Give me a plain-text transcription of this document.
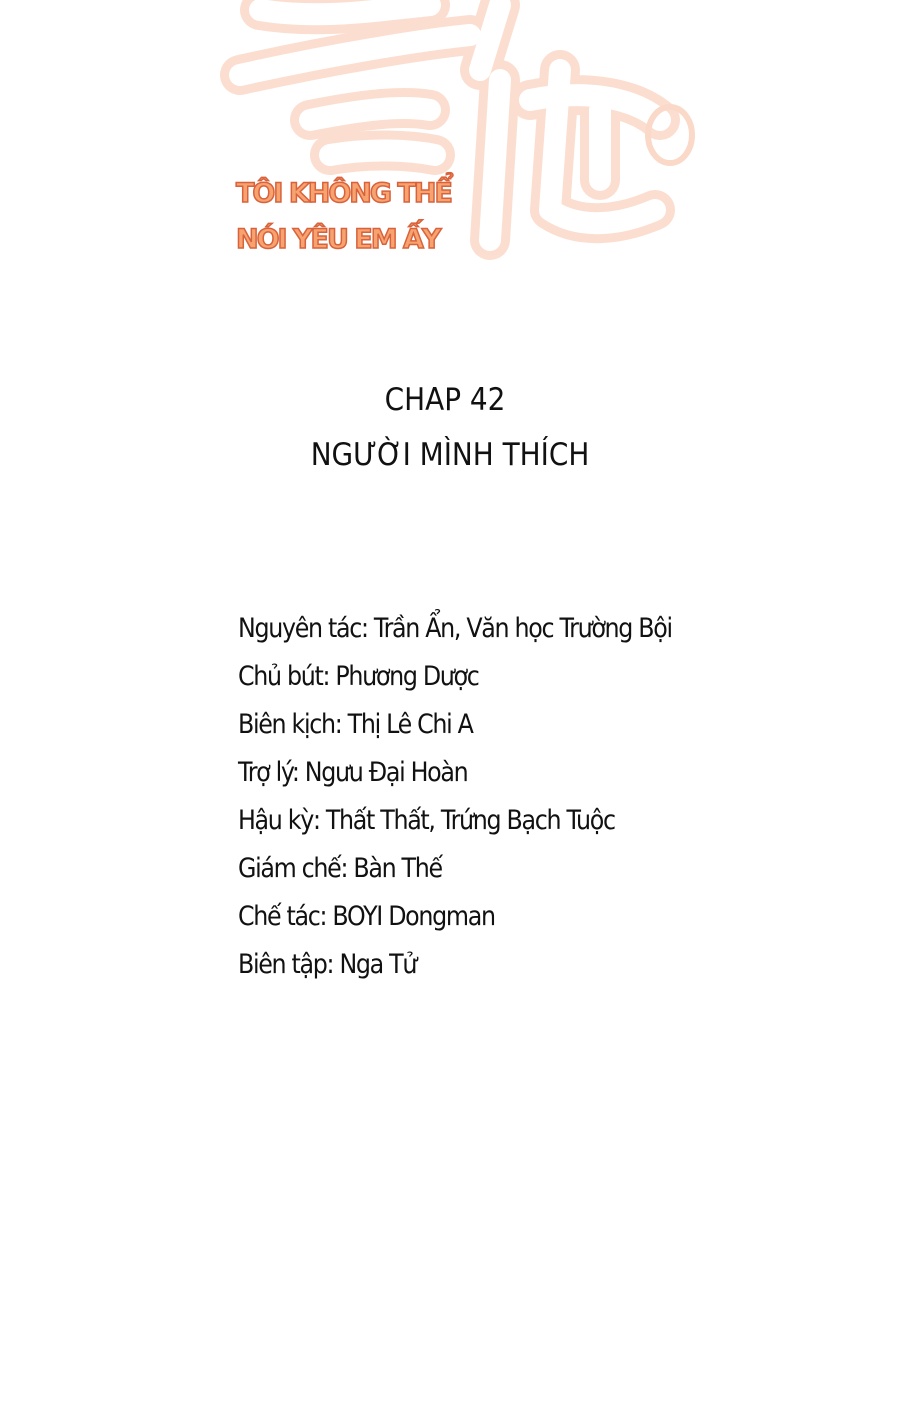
TÔI KHÔNG THỂ
NÓI YÊU EM ẤY
CHAP 42
NGƯỜI MÌNH THÍCH
Nguyên tác: Trần Ẩn, Văn học Trường Bội
Chủ bút: Phương Dược
Biên kịch: Thị Lê Chi A
Trợ lý: Ngưu Đại Hoàn
Hậu kỳ: Thất Thất, Trứng Bạch Tuộc
Giám chế: Bàn Thế
Chế tác: BOYI Dongman
Biên tập: Nga Tử
